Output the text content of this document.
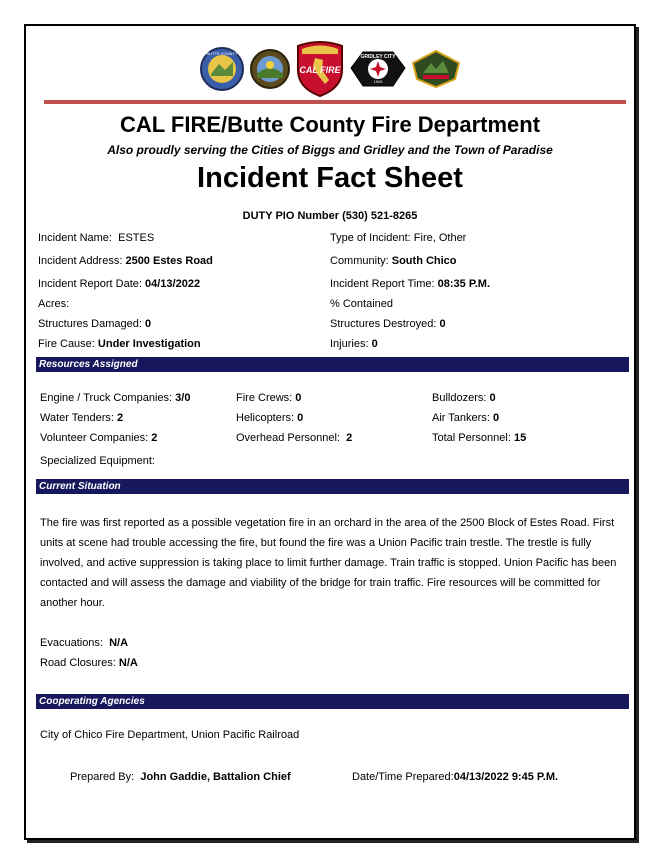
BUTTE COUNTY
CAL FIRE
GRIDLEY CITY
1905
CAL FIRE/Butte County Fire Department
Also proudly serving the Cities of Biggs and Gridley and the Town of Paradise
Incident Fact Sheet
DUTY PIO Number (530) 521-8265
Incident Name: ESTES
Incident Address: 2500 Estes Road
Incident Report Date: 04/13/2022
Acres:
Structures Damaged: 0
Fire Cause: Under Investigation
Type of Incident: Fire, Other
Community: South Chico
Incident Report Time: 08:35 P.M.
% Contained
Structures Destroyed: 0
Injuries: 0
Resources Assigned
Engine / Truck Companies: 3/0
Water Tenders: 2
Volunteer Companies: 2
Specialized Equipment:
Fire Crews: 0
Helicopters: 0
Overhead Personnel: 2
Bulldozers: 0
Air Tankers: 0
Total Personnel: 15
Current Situation
The fire was first reported as a possible vegetation fire in an orchard in the area of the 2500 Block of Estes Road. First units at scene had trouble accessing the fire, but found the fire was a Union Pacific train trestle. The trestle is fully involved, and active suppression is taking place to limit further damage. Train traffic is stopped. Union Pacific has been contacted and will assess the damage and viability of the bridge for train traffic. Fire resources will be committed for another hour.
Evacuations: N/A
Road Closures: N/A
Cooperating Agencies
City of Chico Fire Department, Union Pacific Railroad
Prepared By: John Gaddie, Battalion Chief	Date/Time Prepared:04/13/2022 9:45 P.M.
